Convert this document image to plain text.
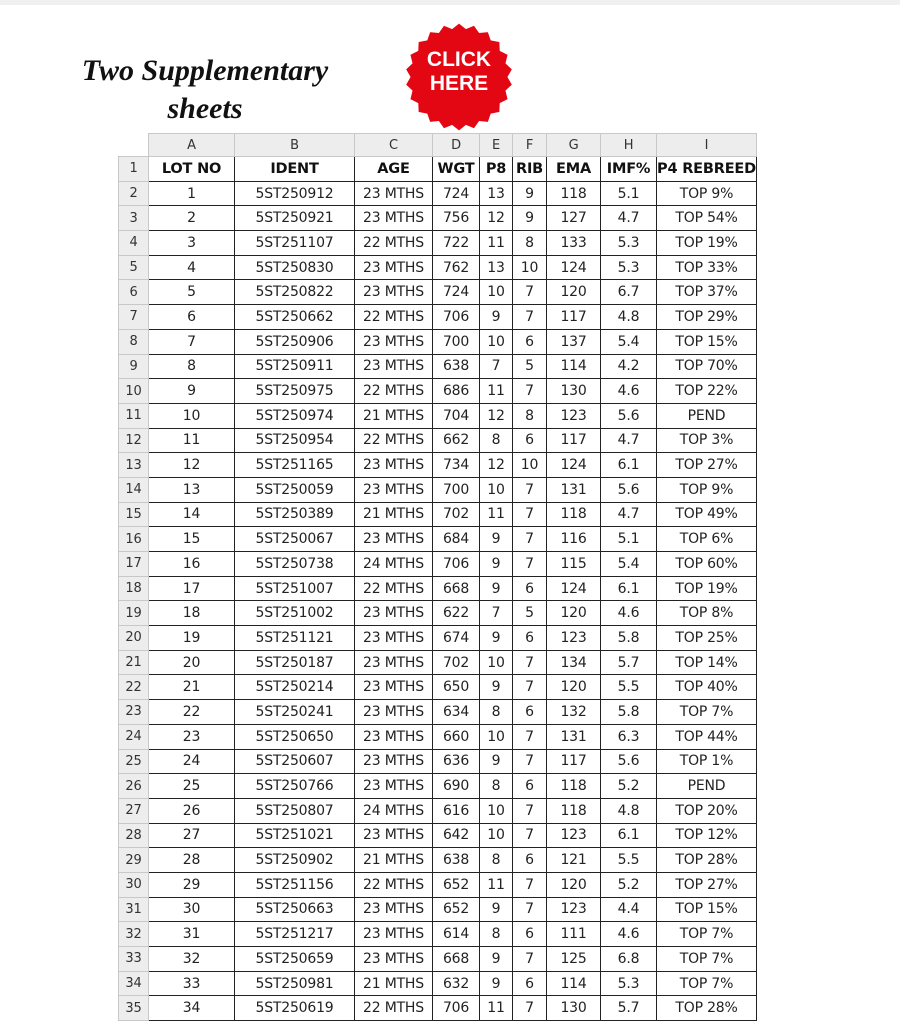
Two Supplementary
sheets
CLICK
HERE
	A	B	C	D	E	F	G	H	I
1	LOT NO	IDENT	AGE	WGT	P8	RIB	EMA	IMF%	P4 REBREED
2	1	5ST250912	23 MTHS	724	13	9	118	5.1	TOP 9%
3	2	5ST250921	23 MTHS	756	12	9	127	4.7	TOP 54%
4	3	5ST251107	22 MTHS	722	11	8	133	5.3	TOP 19%
5	4	5ST250830	23 MTHS	762	13	10	124	5.3	TOP 33%
6	5	5ST250822	23 MTHS	724	10	7	120	6.7	TOP 37%
7	6	5ST250662	22 MTHS	706	9	7	117	4.8	TOP 29%
8	7	5ST250906	23 MTHS	700	10	6	137	5.4	TOP 15%
9	8	5ST250911	23 MTHS	638	7	5	114	4.2	TOP 70%
10	9	5ST250975	22 MTHS	686	11	7	130	4.6	TOP 22%
11	10	5ST250974	21 MTHS	704	12	8	123	5.6	PEND
12	11	5ST250954	22 MTHS	662	8	6	117	4.7	TOP 3%
13	12	5ST251165	23 MTHS	734	12	10	124	6.1	TOP 27%
14	13	5ST250059	23 MTHS	700	10	7	131	5.6	TOP 9%
15	14	5ST250389	21 MTHS	702	11	7	118	4.7	TOP 49%
16	15	5ST250067	23 MTHS	684	9	7	116	5.1	TOP 6%
17	16	5ST250738	24 MTHS	706	9	7	115	5.4	TOP 60%
18	17	5ST251007	22 MTHS	668	9	6	124	6.1	TOP 19%
19	18	5ST251002	23 MTHS	622	7	5	120	4.6	TOP 8%
20	19	5ST251121	23 MTHS	674	9	6	123	5.8	TOP 25%
21	20	5ST250187	23 MTHS	702	10	7	134	5.7	TOP 14%
22	21	5ST250214	23 MTHS	650	9	7	120	5.5	TOP 40%
23	22	5ST250241	23 MTHS	634	8	6	132	5.8	TOP 7%
24	23	5ST250650	23 MTHS	660	10	7	131	6.3	TOP 44%
25	24	5ST250607	23 MTHS	636	9	7	117	5.6	TOP 1%
26	25	5ST250766	23 MTHS	690	8	6	118	5.2	PEND
27	26	5ST250807	24 MTHS	616	10	7	118	4.8	TOP 20%
28	27	5ST251021	23 MTHS	642	10	7	123	6.1	TOP 12%
29	28	5ST250902	21 MTHS	638	8	6	121	5.5	TOP 28%
30	29	5ST251156	22 MTHS	652	11	7	120	5.2	TOP 27%
31	30	5ST250663	23 MTHS	652	9	7	123	4.4	TOP 15%
32	31	5ST251217	23 MTHS	614	8	6	111	4.6	TOP 7%
33	32	5ST250659	23 MTHS	668	9	7	125	6.8	TOP 7%
34	33	5ST250981	21 MTHS	632	9	6	114	5.3	TOP 7%
35	34	5ST250619	22 MTHS	706	11	7	130	5.7	TOP 28%
